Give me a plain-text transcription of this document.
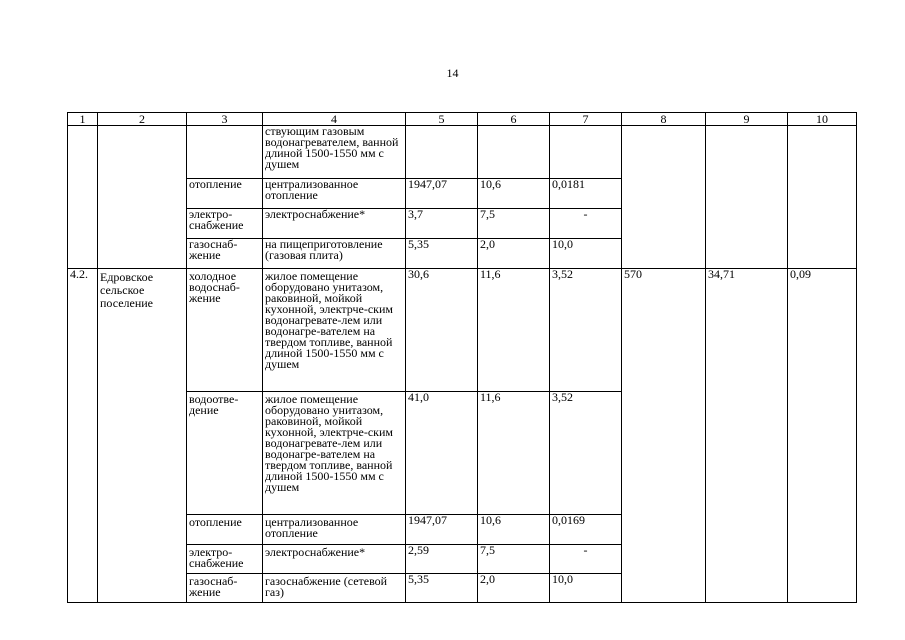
14
1	2	3	4	5	6	7	8	9	10
			ствующим газовым водонагревателем, ванной длиной 1500-1550 мм с душем						
		отопление	централизованное отопление	1947,07	10,6	0,0181			
		электро-снабжение	электроснабжение*	3,7	7,5	-			
		газоснаб-жение	на пищеприготовление (газовая плита)	5,35	2,0	10,0			
4.2.	Едровское сельское поселение	холодное водоснаб-жение	жилое помещение оборудовано унитазом, раковиной, мойкой кухонной, электрче-ским водонагревате-лем или водонагре-вателем на твердом топливе, ванной длиной 1500-1550 мм с душем	30,6	11,6	3,52	570	34,71	0,09
		водоотве-дение	жилое помещение оборудовано унитазом, раковиной, мойкой кухонной, электрче-ским водонагревате-лем или водонагре-вателем на твердом топливе, ванной длиной 1500-1550 мм с душем	41,0	11,6	3,52			
		отопление	централизованное отопление	1947,07	10,6	0,0169			
		электро-снабжение	электроснабжение*	2,59	7,5	-			
		газоснаб-жение	газоснабжение (сетевой газ)	5,35	2,0	10,0			
